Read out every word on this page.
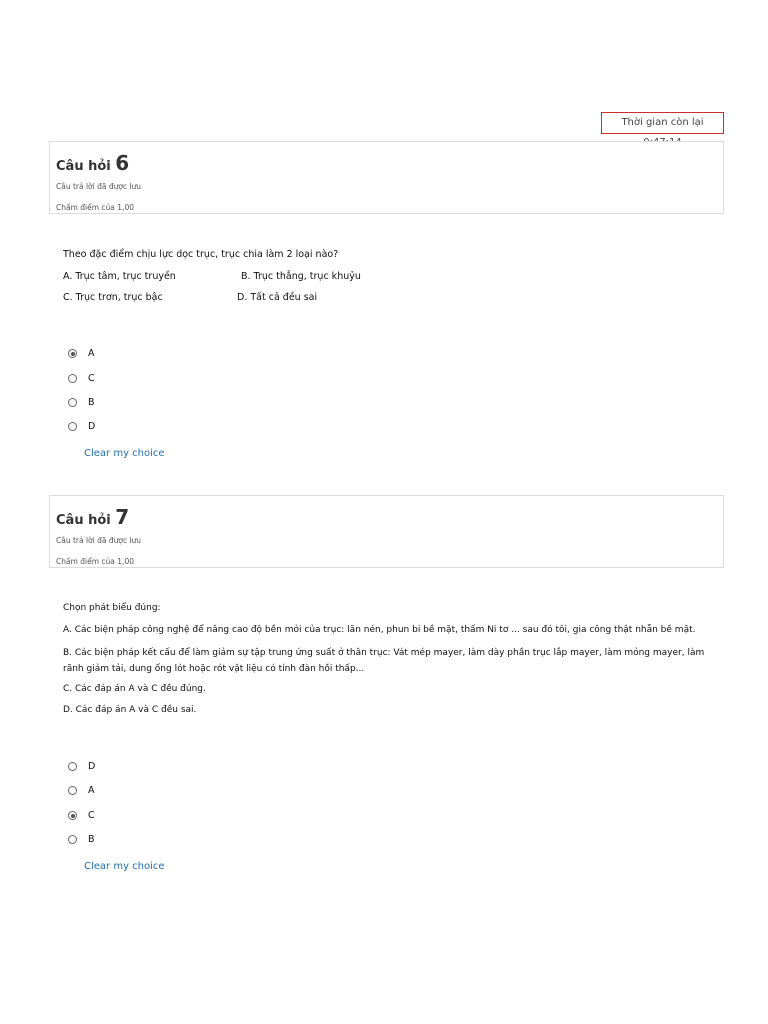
Thời gian còn lại
Câu hỏi 6
Câu trả lời đã được lưu
Chấm điểm của 1,00
Theo đặc điểm chịu lực dọc trục, trục chia làm 2 loại nào?
A. Trục tâm, trục truyền	B. Trục thẳng, trục khuỷu
C. Trục trơn, trục bậc	D. Tất cả đều sai
A
C
B
D
Clear my choice
Câu hỏi 7
Câu trả lời đã được lưu
Chấm điểm của 1,00
Chọn phát biểu đúng:
A. Các biện pháp công nghệ để nâng cao độ bền mỏi của trục: lăn nén, phun bi bề mặt, thấm Ni tơ ... sau đó tôi, gia công thật nhẵn bề mặt.
B. Các biện pháp kết cấu để làm giảm sự tập trung ứng suất ở thân trục: Vát mép mayer, làm dày phần trục lắp mayer, làm mỏng mayer, làm rãnh giảm tải, dung ống lót hoặc rót vật liệu có tính đàn hồi thấp...
C. Các đáp án A và C đều đúng.
D. Các đáp án A và C đều sai.
D
A
C
B
Clear my choice
